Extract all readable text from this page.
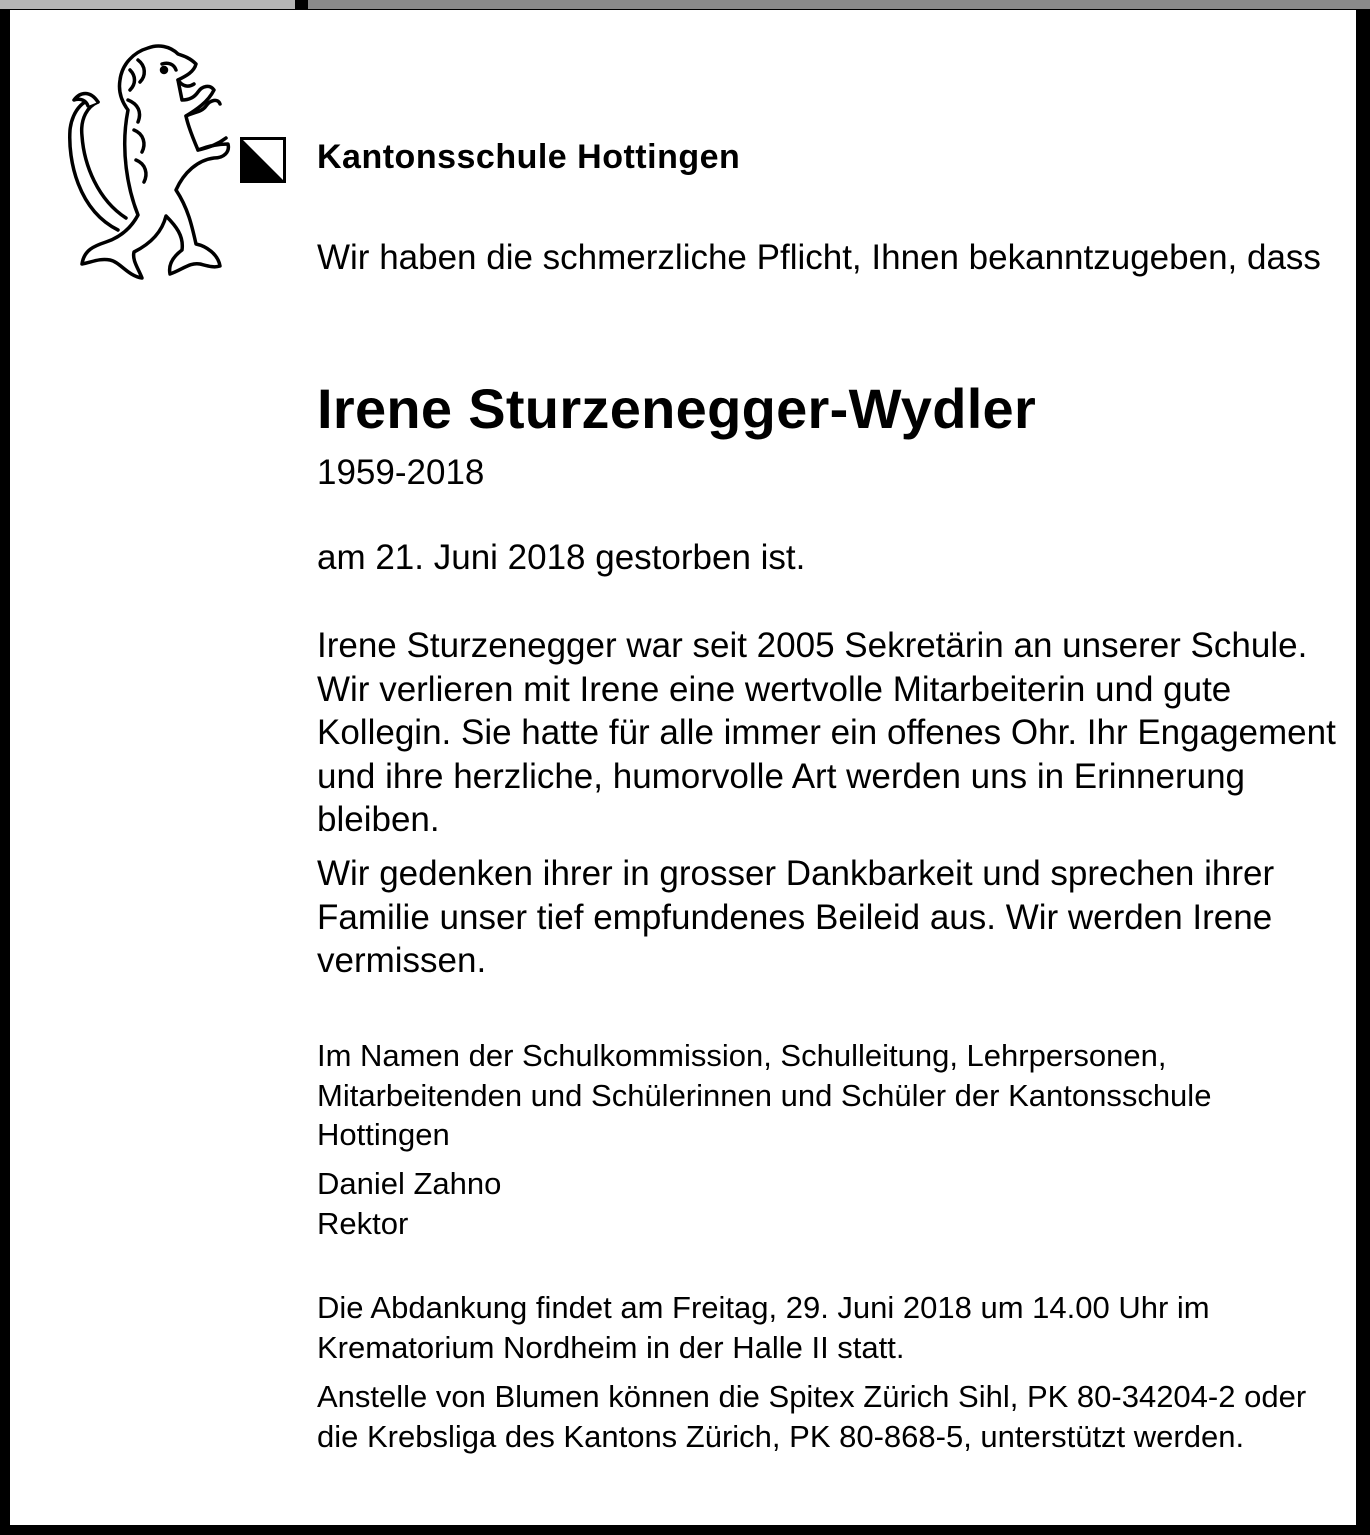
Kantonsschule Hottingen

Wir haben die schmerzliche Pflicht, Ihnen bekanntzugeben, dass

Irene Sturzenegger-Wydler
1959-2018

am 21. Juni 2018 gestorben ist.

Irene Sturzenegger war seit 2005 Sekretärin an unserer Schule. Wir verlieren mit Irene eine wertvolle Mitarbeiterin und gute Kollegin. Sie hatte für alle immer ein offenes Ohr. Ihr Engagement und ihre herzliche, humorvolle Art werden uns in Erinnerung bleiben.

Wir gedenken ihrer in grosser Dankbarkeit und sprechen ihrer Familie unser tief empfundenes Beileid aus. Wir werden Irene vermissen.

Im Namen der Schulkommission, Schulleitung, Lehrpersonen, Mitarbeitenden und Schülerinnen und Schüler der Kantonsschule Hottingen

Daniel Zahno
Rektor

Die Abdankung findet am Freitag, 29. Juni 2018 um 14.00 Uhr im Krematorium Nordheim in der Halle II statt.

Anstelle von Blumen können die Spitex Zürich Sihl, PK 80-34204-2 oder die Krebsliga des Kantons Zürich, PK 80-868-5, unterstützt werden.
